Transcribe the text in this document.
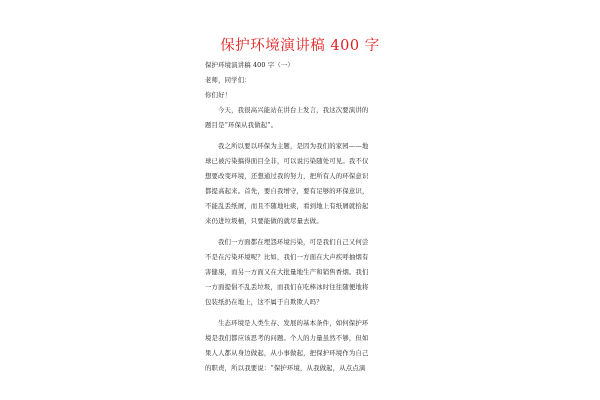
保护环境演讲稿 400 字
保护环境演讲稿 400 字（一）
老师，同学们：
你们好！
今天，我很高兴能站在讲台上发言，我这次要演讲的
题目是“环保从我做起”。
我之所以要以环保为主题，是因为我们的家园——地
球已被污染搞得面目全非，可以说污染随处可见。我不仅
想要改变环境，还想通过我的努力，把所有人的环保意识
都提高起来。首先，要自我增守，要有足够的环保意识，
不能乱丢纸屑，而且不随地吐痰，看到地上有纸屑就拾起
来仍进垃圾桶，只要能做的就尽量去做。
我们一方面都在埋怨环境污染，可是我们自己又何尝
不是在污染环境呢？比如，我们一方面在大声疾呼抽烟有
害健康，而另一方面又在大批量地生产和销售香烟。我们
一方面提倡不乱丢垃圾，而我们在吃棒冰时往往随便地将
包装纸扔在地上，这不属于自欺欺人吗？
生态环境是人类生存、发展的基本条件，如何保护环
境是我们都应该思考的问题。个人的力量虽然不够，但如
果人人都从身边做起，从小事做起，把保护环境作为自己
的职责，所以我要说：“保护环境，从我做起，从点点滴
